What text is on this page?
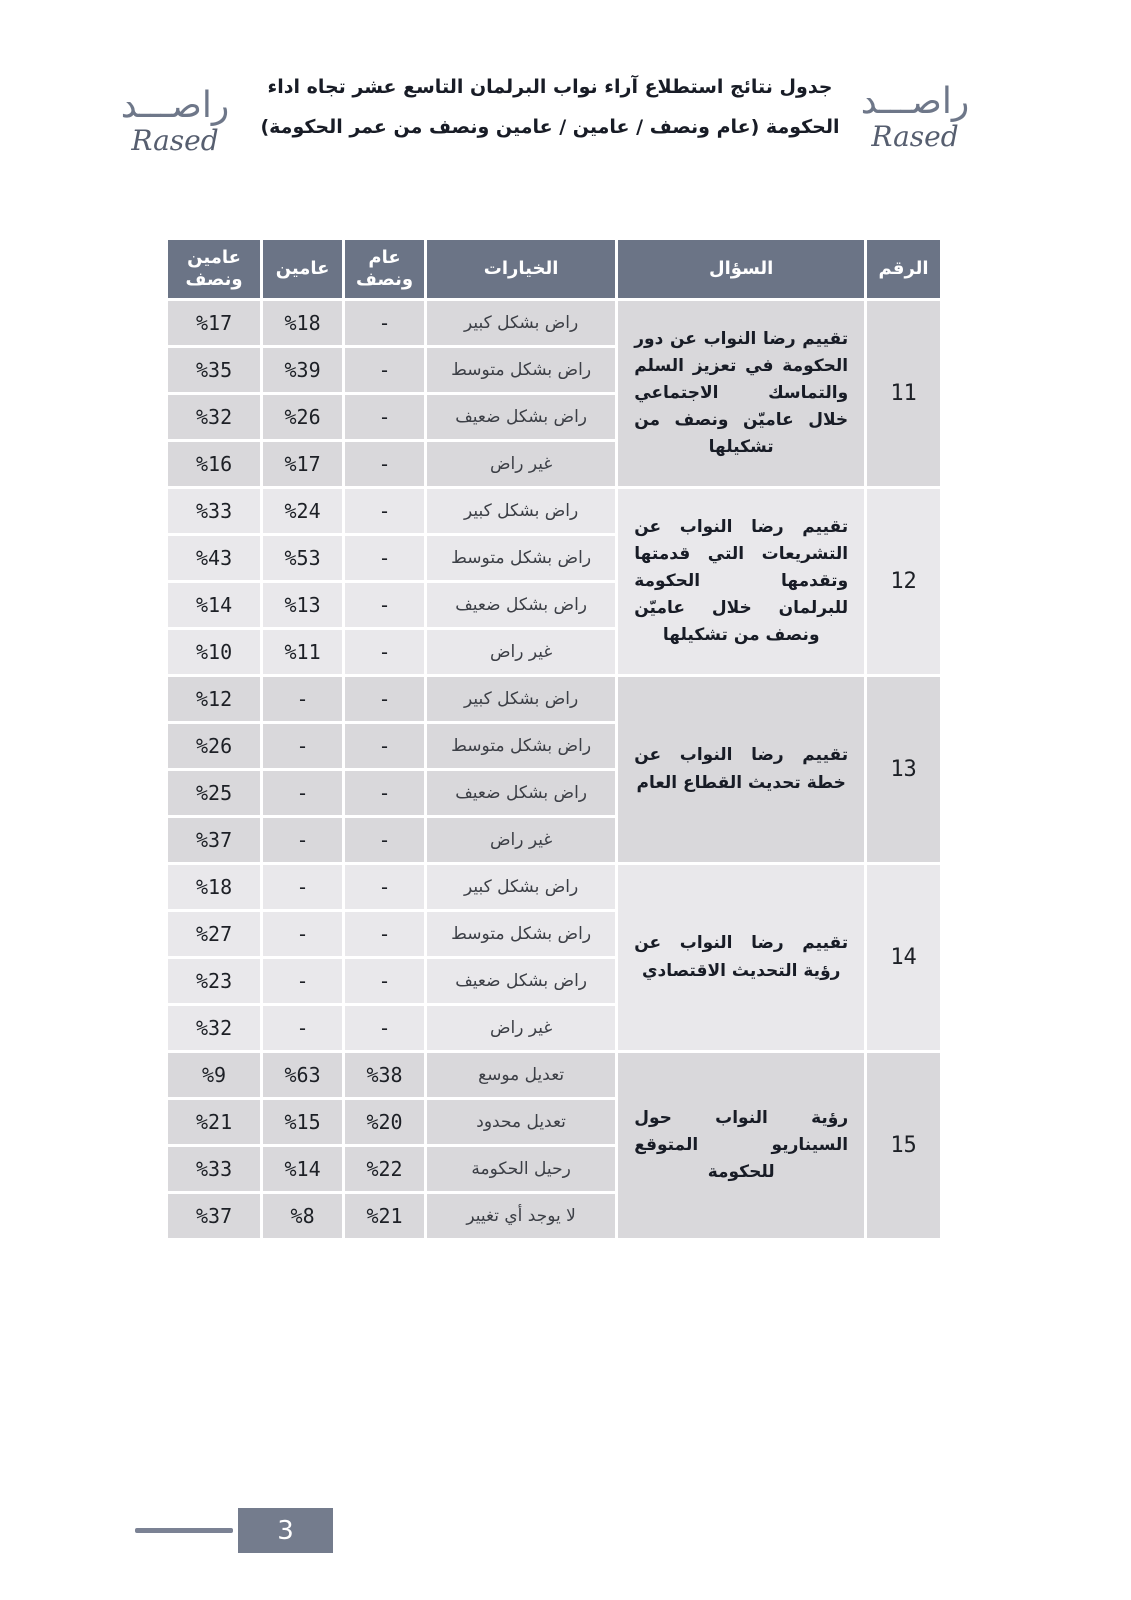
راصـــد
Rased
جدول نتائج استطلاع آراء نواب البرلمان التاسع عشر تجاه اداء
الحكومة (عام ونصف / عامين / عامين ونصف من عمر الحكومة)
راصـــد
Rased
الرقم	السؤال	الخيارات	عام ونصف	عامين	عامين ونصف
11	تقييم رضا النواب عن دور الحكومة في تعزيز السلم والتماسك الاجتماعي خلال عاميّن ونصف من تشكيلها	راض بشكل كبير	-	%18	%17
		راض بشكل متوسط	-	%39	%35
		راض بشكل ضعيف	-	%26	%32
		غير راض	-	%17	%16
12	تقييم رضا النواب عن التشريعات التي قدمتها وتقدمها الحكومة للبرلمان خلال عاميّن ونصف من تشكيلها	راض بشكل كبير	-	%24	%33
		راض بشكل متوسط	-	%53	%43
		راض بشكل ضعيف	-	%13	%14
		غير راض	-	%11	%10
13	تقييم رضا النواب عن خطة تحديث القطاع العام	راض بشكل كبير	-	-	%12
		راض بشكل متوسط	-	-	%26
		راض بشكل ضعيف	-	-	%25
		غير راض	-	-	%37
14	تقييم رضا النواب عن رؤية التحديث الاقتصادي	راض بشكل كبير	-	-	%18
		راض بشكل متوسط	-	-	%27
		راض بشكل ضعيف	-	-	%23
		غير راض	-	-	%32
15	رؤية النواب حول السيناريو المتوقع للحكومة	تعديل موسع	%38	%63	%9
		تعديل محدود	%20	%15	%21
		رحيل الحكومة	%22	%14	%33
		لا يوجد أي تغيير	%21	%8	%37
3
